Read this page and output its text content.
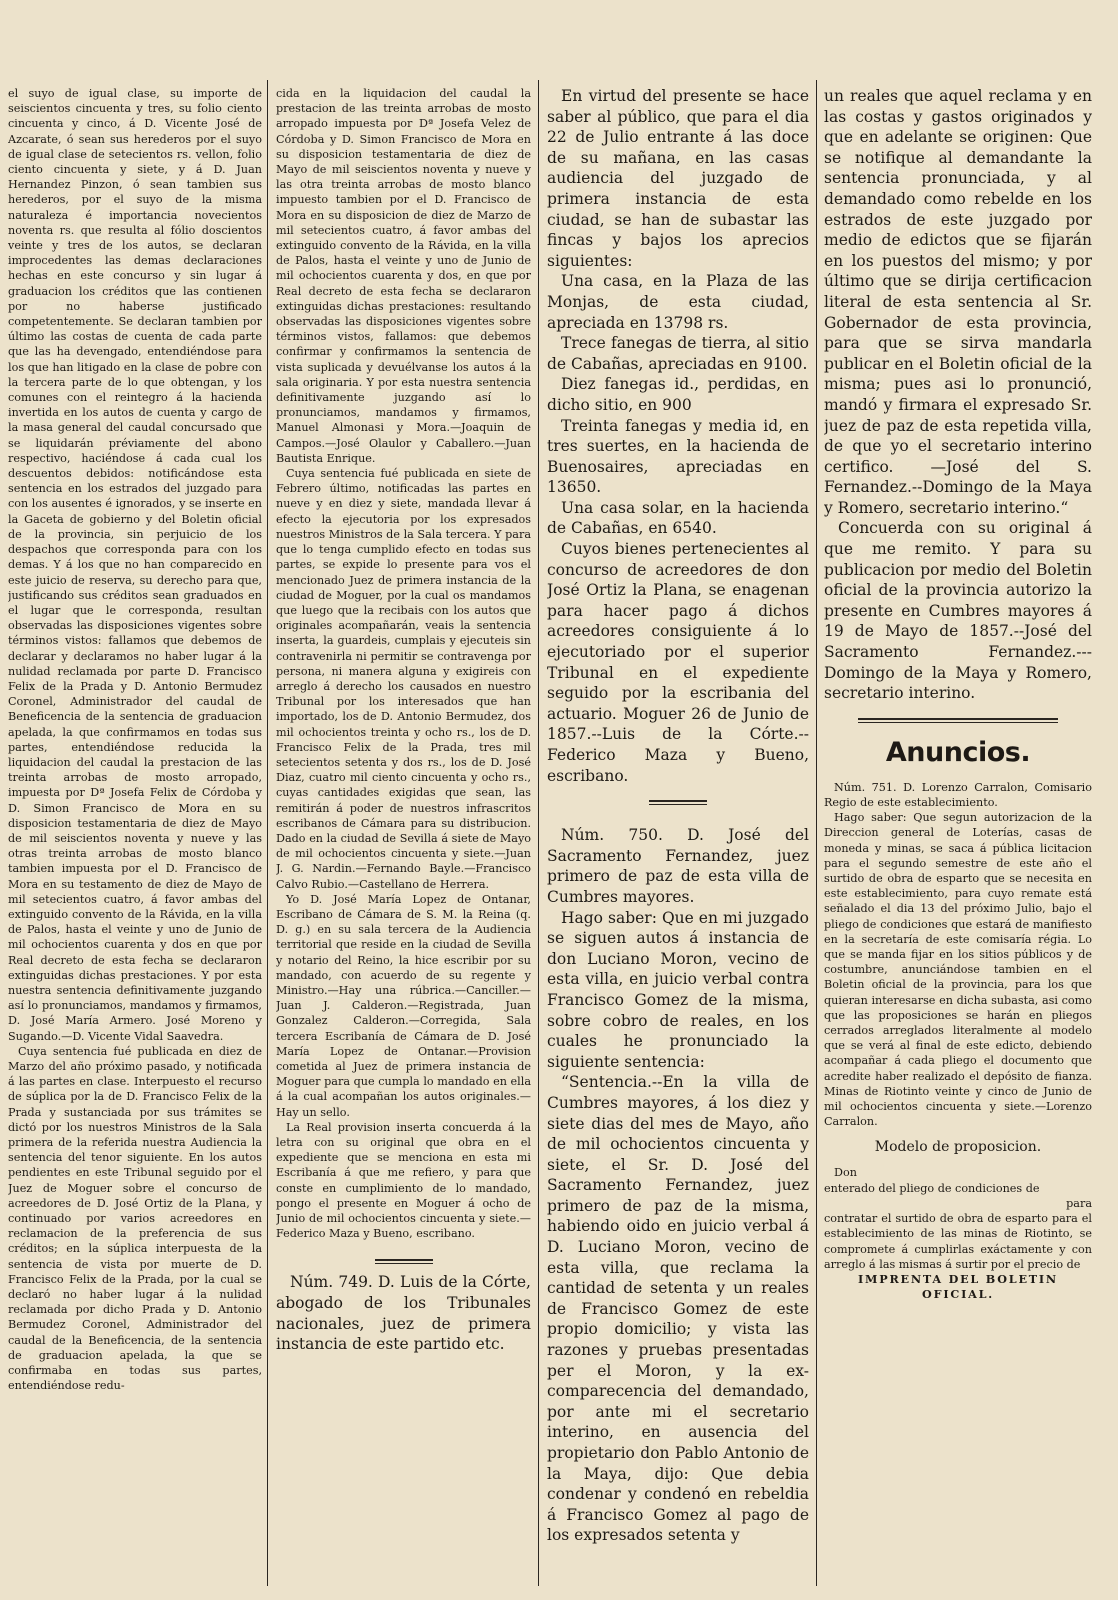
el suyo de igual clase, su importe de seiscientos cincuenta y tres, su folio ciento cincuenta y cinco, á D. Vicente José de Azcarate, ó sean sus herederos por el suyo de igual clase de setecientos rs. vellon, folio ciento cincuenta y siete, y á D. Juan Hernandez Pinzon, ó sean tambien sus herederos, por el suyo de la misma naturaleza é importancia novecientos noventa rs. que resulta al fólio doscientos veinte y tres de los autos, se declaran improcedentes las demas declaraciones hechas en este concurso y sin lugar á graduacion los créditos que las contienen por no haberse justificado competentemente. Se declaran tambien por último las costas de cuenta de cada parte que las ha devengado, entendiéndose para los que han litigado en la clase de pobre con la tercera parte de lo que obtengan, y los comunes con el reintegro á la hacienda invertida en los autos de cuenta y cargo de la masa general del caudal concursado que se liquidarán préviamente del abono respectivo, haciéndose á cada cual los descuentos debidos: notificándose esta sentencia en los estrados del juzgado para con los ausentes é ignorados, y se inserte en la Gaceta de gobierno y del Boletin oficial de la provincia, sin perjuicio de los despachos que corresponda para con los demas. Y á los que no han comparecido en este juicio de reserva, su derecho para que, justificando sus créditos sean graduados en el lugar que le corresponda, resultan observadas las disposiciones vigentes sobre términos vistos: fallamos que debemos de declarar y declaramos no haber lugar á la nulidad reclamada por parte D. Francisco Felix de la Prada y D. Antonio Bermudez Coronel, Administrador del caudal de Beneficencia de la sentencia de graduacion apelada, la que confirmamos en todas sus partes, entendiéndose reducida la liquidacion del caudal la prestacion de las treinta arrobas de mosto arropado, impuesta por Dª Josefa Felix de Córdoba y D. Simon Francisco de Mora en su disposicion testamentaria de diez de Mayo de mil seiscientos noventa y nueve y las otras treinta arrobas de mosto blanco tambien impuesta por el D. Francisco de Mora en su testamento de diez de Mayo de mil setecientos cuatro, á favor ambas del extinguido convento de la Rávida, en la villa de Palos, hasta el veinte y uno de Junio de mil ochocientos cuarenta y dos en que por Real decreto de esta fecha se declararon extinguidas dichas prestaciones. Y por esta nuestra sentencia definitivamente juzgando así lo pronunciamos, mandamos y firmamos, D. José María Armero. José Moreno y Sugando.—D. Vicente Vidal Saavedra.

Cuya sentencia fué publicada en diez de Marzo del año próximo pasado, y notificada á las partes en clase. Interpuesto el recurso de súplica por la de D. Francisco Felix de la Prada y sustanciada por sus trámites se dictó por los nuestros Ministros de la Sala primera de la referida nuestra Audiencia la sentencia del tenor siguiente. En los autos pendientes en este Tribunal seguido por el Juez de Moguer sobre el concurso de acreedores de D. José Ortiz de la Plana, y continuado por varios acreedores en reclamacion de la preferencia de sus créditos; en la súplica interpuesta de la sentencia de vista por muerte de D. Francisco Felix de la Prada, por la cual se declaró no haber lugar á la nulidad reclamada por dicho Prada y D. Antonio Bermudez Coronel, Administrador del caudal de la Beneficencia, de la sentencia de graduacion apelada, la que se confirmaba en todas sus partes, entendiéndose redu-

cida en la liquidacion del caudal la prestacion de las treinta arrobas de mosto arropado impuesta por Dª Josefa Velez de Córdoba y D. Simon Francisco de Mora en su disposicion testamentaria de diez de Mayo de mil seiscientos noventa y nueve y las otra treinta arrobas de mosto blanco impuesto tambien por el D. Francisco de Mora en su disposicion de diez de Marzo de mil setecientos cuatro, á favor ambas del extinguido convento de la Rávida, en la villa de Palos, hasta el veinte y uno de Junio de mil ochocientos cuarenta y dos, en que por Real decreto de esta fecha se declararon extinguidas dichas prestaciones: resultando observadas las disposiciones vigentes sobre términos vistos, fallamos: que debemos confirmar y confirmamos la sentencia de vista suplicada y devuélvanse los autos á la sala originaria. Y por esta nuestra sentencia definitivamente juzgando así lo pronunciamos, mandamos y firmamos, Manuel Almonasi y Mora.—Joaquin de Campos.—José Olaulor y Caballero.—Juan Bautista Enrique.

Cuya sentencia fué publicada en siete de Febrero último, notificadas las partes en nueve y en diez y siete, mandada llevar á efecto la ejecutoria por los expresados nuestros Ministros de la Sala tercera. Y para que lo tenga cumplido efecto en todas sus partes, se expide lo presente para vos el mencionado Juez de primera instancia de la ciudad de Moguer, por la cual os mandamos que luego que la recibais con los autos que originales acompañarán, veais la sentencia inserta, la guardeis, cumplais y ejecuteis sin contravenirla ni permitir se contravenga por persona, ni manera alguna y exigireis con arreglo á derecho los causados en nuestro Tribunal por los interesados que han importado, los de D. Antonio Bermudez, dos mil ochocientos treinta y ocho rs., los de D. Francisco Felix de la Prada, tres mil setecientos setenta y dos rs., los de D. José Diaz, cuatro mil ciento cincuenta y ocho rs., cuyas cantidades exigidas que sean, las remitirán á poder de nuestros infrascritos escribanos de Cámara para su distribucion. Dado en la ciudad de Sevilla á siete de Mayo de mil ochocientos cincuenta y siete.—Juan J. G. Nardin.—Fernando Bayle.—Francisco Calvo Rubio.—Castellano de Herrera.

Yo D. José María Lopez de Ontanar, Escribano de Cámara de S. M. la Reina (q. D. g.) en su sala tercera de la Audiencia territorial que reside en la ciudad de Sevilla y notario del Reino, la hice escribir por su mandado, con acuerdo de su regente y Ministro.—Hay una rúbrica.—Canciller.—Juan J. Calderon.—Registrada, Juan Gonzalez Calderon.—Corregida, Sala tercera Escribanía de Cámara de D. José María Lopez de Ontanar.—Provision cometida al Juez de primera instancia de Moguer para que cumpla lo mandado en ella á la cual acompañan los autos originales.—Hay un sello.

La Real provision inserta concuerda á la letra con su original que obra en el expediente que se menciona en esta mi Escribanía á que me refiero, y para que conste en cumplimiento de lo mandado, pongo el presente en Moguer á ocho de Junio de mil ochocientos cincuenta y siete.—Federico Maza y Bueno, escribano.

Núm. 749. D. Luis de la Córte, abogado de los Tribunales nacionales, juez de primera instancia de este partido etc.

En virtud del presente se hace saber al público, que para el dia 22 de Julio entrante á las doce de su mañana, en las casas audiencia del juzgado de primera instancia de esta ciudad, se han de subastar las fincas y bajos los aprecios siguientes:

Una casa, en la Plaza de las Monjas, de esta ciudad, apreciada en 13798 rs.

Trece fanegas de tierra, al sitio de Cabañas, apreciadas en 9100.

Diez fanegas id., perdidas, en dicho sitio, en 900

Treinta fanegas y media id, en tres suertes, en la hacienda de Buenosaires, apreciadas en 13650.

Una casa solar, en la hacienda de Cabañas, en 6540.

Cuyos bienes pertenecientes al concurso de acreedores de don José Ortiz la Plana, se enagenan para hacer pago á dichos acreedores consiguiente á lo ejecutoriado por el superior Tribunal en el expediente seguido por la escribania del actuario. Moguer 26 de Junio de 1857.--Luis de la Córte.--Federico Maza y Bueno, escribano.

Núm. 750. D. José del Sacramento Fernandez, juez primero de paz de esta villa de Cumbres mayores.

Hago saber: Que en mi juzgado se siguen autos á instancia de don Luciano Moron, vecino de esta villa, en juicio verbal contra Francisco Gomez de la misma, sobre cobro de reales, en los cuales he pronunciado la siguiente sentencia:

“Sentencia.--En la villa de Cumbres mayores, á los diez y siete dias del mes de Mayo, año de mil ochocientos cincuenta y siete, el Sr. D. José del Sacramento Fernandez, juez primero de paz de la misma, habiendo oido en juicio verbal á D. Luciano Moron, vecino de esta villa, que reclama la cantidad de setenta y un reales de Francisco Gomez de este propio domicilio; y vista las razones y pruebas presentadas per el Moron, y la ex-comparecencia del demandado, por ante mi el secretario interino, en ausencia del propietario don Pablo Antonio de la Maya, dijo: Que debia condenar y condenó en rebeldia á Francisco Gomez al pago de los expresados setenta y

un reales que aquel reclama y en las costas y gastos originados y que en adelante se originen: Que se notifique al demandante la sentencia pronunciada, y al demandado como rebelde en los estrados de este juzgado por medio de edictos que se fijarán en los puestos del mismo; y por último que se dirija certificacion literal de esta sentencia al Sr. Gobernador de esta provincia, para que se sirva mandarla publicar en el Boletin oficial de la misma; pues asi lo pronunció, mandó y firmara el expresado Sr. juez de paz de esta repetida villa, de que yo el secretario interino certifico. —José del S. Fernandez.--Domingo de la Maya y Romero, secretario interino.“

Concuerda con su original á que me remito. Y para su publicacion por medio del Boletin oficial de la provincia autorizo la presente en Cumbres mayores á 19 de Mayo de 1857.--José del Sacramento Fernandez.---Domingo de la Maya y Romero, secretario interino.

Anuncios.

Núm. 751. D. Lorenzo Carralon, Comisario Regio de este establecimiento.

Hago saber: Que segun autorizacion de la Direccion general de Loterías, casas de moneda y minas, se saca á pública licitacion para el segundo semestre de este año el surtido de obra de esparto que se necesita en este establecimiento, para cuyo remate está señalado el dia 13 del próximo Julio, bajo el pliego de condiciones que estará de manifiesto en la secretaría de este comisaría régia. Lo que se manda fijar en los sitios públicos y de costumbre, anunciándose tambien en el Boletin oficial de la provincia, para los que quieran interesarse en dicha subasta, asi como que las proposiciones se harán en pliegos cerrados arreglados literalmente al modelo que se verá al final de este edicto, debiendo acompañar á cada pliego el documento que acredite haber realizado el depósito de fianza. Minas de Riotinto veinte y cinco de Junio de mil ochocientos cincuenta y siete.—Lorenzo Carralon.

Modelo de proposicion.

Don

enterado del pliego de condiciones de

para

contratar el surtido de obra de esparto para el establecimiento de las minas de Riotinto, se compromete á cumplirlas exáctamente y con arreglo á las mismas á surtir por el precio de

IMPRENTA DEL BOLETIN OFICIAL.
